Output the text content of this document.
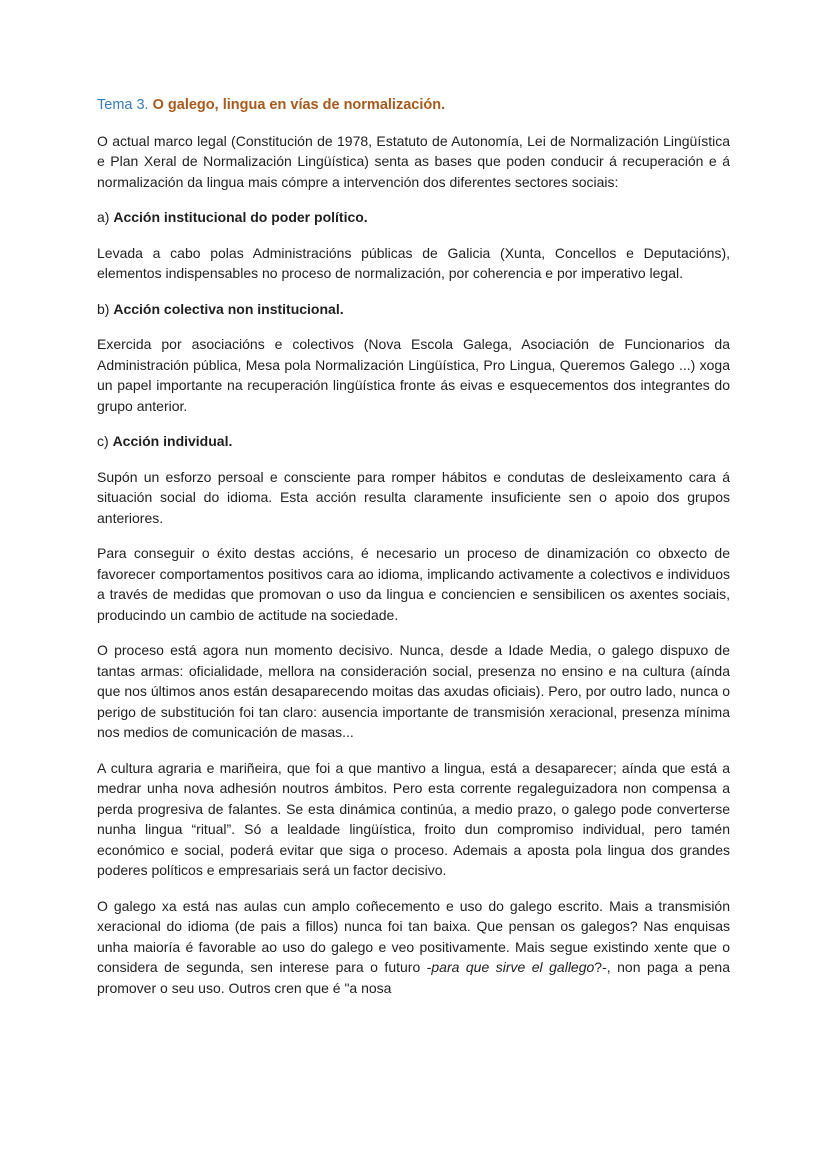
Tema 3. O galego, lingua en vías de normalización.

O actual marco legal (Constitución de 1978, Estatuto de Autonomía, Lei de Normalización Lingüística e Plan Xeral de Normalización Lingüística) senta as bases que poden conducir á recuperación e á normalización da lingua mais cómpre a intervención dos diferentes sectores sociais:

a) Acción institucional do poder político.

Levada a cabo polas Administracións públicas de Galicia (Xunta, Concellos e Deputacións), elementos indispensables no proceso de normalización, por coherencia e por imperativo legal.

b) Acción colectiva non institucional.

Exercida por asociacións e colectivos (Nova Escola Galega, Asociación de Funcionarios da Administración pública, Mesa pola Normalización Lingüística, Pro Lingua, Queremos Galego ...) xoga un papel importante na recuperación lingüística fronte ás eivas e esquecementos dos integrantes do grupo anterior.

c) Acción individual.

Supón un esforzo persoal e consciente para romper hábitos e condutas de desleixamento cara á situación social do idioma. Esta acción resulta claramente insuficiente sen o apoio dos grupos anteriores.

Para conseguir o éxito destas accións, é necesario un proceso de dinamización co obxecto de favorecer comportamentos positivos cara ao idioma, implicando activamente a colectivos e individuos a través de medidas que promovan o uso da lingua e conciencien e sensibilicen os axentes sociais, producindo un cambio de actitude na sociedade.

O proceso está agora nun momento decisivo. Nunca, desde a Idade Media, o galego dispuxo de tantas armas: oficialidade, mellora na consideración social, presenza no ensino e na cultura (aínda que nos últimos anos están desaparecendo moitas das axudas oficiais). Pero, por outro lado, nunca o perigo de substitución foi tan claro: ausencia importante de transmisión xeracional, presenza mínima nos medios de comunicación de masas...

A cultura agraria e mariñeira, que foi a que mantivo a lingua, está a desaparecer; aínda que está a medrar unha nova adhesión noutros ámbitos. Pero esta corrente regaleguizadora non compensa a perda progresiva de falantes. Se esta dinámica continúa, a medio prazo, o galego pode converterse nunha lingua “ritual”. Só a lealdade lingüística, froito dun compromiso individual, pero tamén económico e social, poderá evitar que siga o proceso. Ademais a aposta pola lingua dos grandes poderes políticos e empresariais será un factor decisivo.

O galego xa está nas aulas cun amplo coñecemento e uso do galego escrito. Mais a transmisión xeracional do idioma (de pais a fillos) nunca foi tan baixa. Que pensan os galegos? Nas enquisas unha maioría é favorable ao uso do galego e veo positivamente. Mais segue existindo xente que o considera de segunda, sen interese para o futuro -para que sirve el gallego?-, non paga a pena promover o seu uso. Outros cren que é "a nosa
